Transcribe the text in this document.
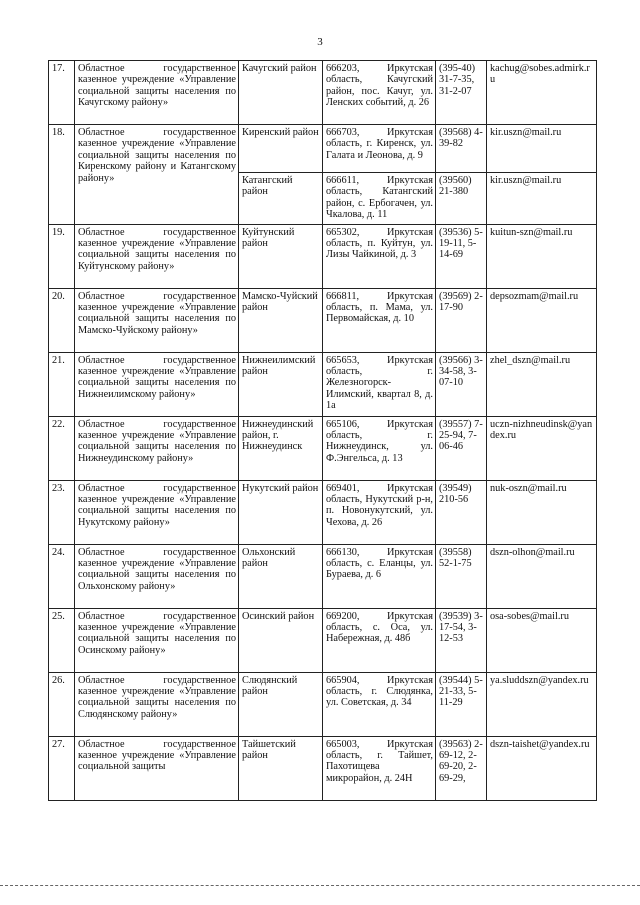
3
17.	Областное государственное казенное учреждение «Управление социальной защиты населения по Качугскому району»	Качугский район	666203, Иркутская область, Качугский район, пос. Качуг, ул. Ленских событий, д. 26	(395-40) 31-7-35, 31-2-07	kachug@sobes.admirk.ru
18.	Областное государственное казенное учреждение «Управление социальной защиты населения по Киренскому району и Катангскому району»	Киренский район	666703, Иркутская область, г. Киренск, ул. Галата и Леонова, д. 9	(39568) 4-39-82	kir.uszn@mail.ru
		Катангский район	666611, Иркутская область, Катангский район, с. Ербогачен, ул. Чкалова, д. 11	(39560) 21-380	kir.uszn@mail.ru
19.	Областное государственное казенное учреждение «Управление социальной защиты населения по Куйтунскому району»	Куйтунский район	665302, Иркутская область, п. Куйтун, ул. Лизы Чайкиной, д. 3	(39536) 5-19-11, 5-14-69	kuitun-szn@mail.ru
20.	Областное государственное казенное учреждение «Управление социальной защиты населения по Мамско-Чуйскому району»	Мамско-Чуйский район	666811, Иркутская область, п. Мама, ул. Первомайская, д. 10	(39569) 2-17-90	depsozmam@mail.ru
21.	Областное государственное казенное учреждение «Управление социальной защиты населения по Нижнеилимскому району»	Нижнеилимский район	665653, Иркутская область, г. Железногорск-Илимский, квартал 8, д. 1а	(39566) 3-34-58, 3-07-10	zhel_dszn@mail.ru
22.	Областное государственное казенное учреждение «Управление социальной защиты населения по Нижнеудинскому району»	Нижнеудинский район, г. Нижнеудинск	665106, Иркутская область, г. Нижнеудинск, ул. Ф.Энгельса, д. 13	(39557) 7-25-94, 7-06-46	uczn-nizhneudinsk@yandex.ru
23.	Областное государственное казенное учреждение «Управление социальной защиты населения по Нукутскому району»	Нукутский район	669401, Иркутская область, Нукутский р-н, п. Новонукутский, ул. Чехова, д. 26	(39549) 210-56	nuk-oszn@mail.ru
24.	Областное государственное казенное учреждение «Управление социальной защиты населения по Ольхонскому району»	Ольхонский район	666130, Иркутская область, с. Еланцы, ул. Бураева, д. 6	(39558) 52-1-75	dszn-olhon@mail.ru
25.	Областное государственное казенное учреждение «Управление социальной защиты населения по Осинскому району»	Осинский район	669200, Иркутская область, с. Оса, ул. Набережная, д. 48б	(39539) 3-17-54, 3-12-53	osa-sobes@mail.ru
26.	Областное государственное казенное учреждение «Управление социальной защиты населения по Слюдянскому району»	Слюдянский район	665904, Иркутская область, г. Слюдянка, ул. Советская, д. 34	(39544) 5-21-33, 5-11-29	ya.sluddszn@yandex.ru
27.	Областное государственное казенное учреждение «Управление социальной защиты	Тайшетский район	665003, Иркутская область, г. Тайшет, Пахотищева микрорайон, д. 24Н	(39563) 2-69-12, 2-69-20, 2-69-29,	dszn-taishet@yandex.ru
